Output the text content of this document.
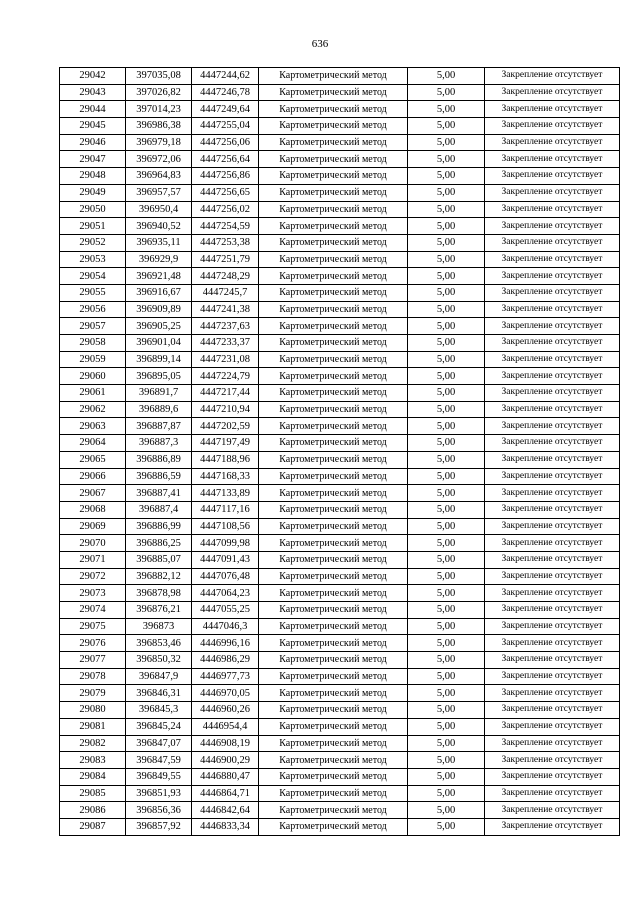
636
29042	397035,08	4447244,62	Картометрический метод	5,00	Закрепление отсутствует
29043	397026,82	4447246,78	Картометрический метод	5,00	Закрепление отсутствует
29044	397014,23	4447249,64	Картометрический метод	5,00	Закрепление отсутствует
29045	396986,38	4447255,04	Картометрический метод	5,00	Закрепление отсутствует
29046	396979,18	4447256,06	Картометрический метод	5,00	Закрепление отсутствует
29047	396972,06	4447256,64	Картометрический метод	5,00	Закрепление отсутствует
29048	396964,83	4447256,86	Картометрический метод	5,00	Закрепление отсутствует
29049	396957,57	4447256,65	Картометрический метод	5,00	Закрепление отсутствует
29050	396950,4	4447256,02	Картометрический метод	5,00	Закрепление отсутствует
29051	396940,52	4447254,59	Картометрический метод	5,00	Закрепление отсутствует
29052	396935,11	4447253,38	Картометрический метод	5,00	Закрепление отсутствует
29053	396929,9	4447251,79	Картометрический метод	5,00	Закрепление отсутствует
29054	396921,48	4447248,29	Картометрический метод	5,00	Закрепление отсутствует
29055	396916,67	4447245,7	Картометрический метод	5,00	Закрепление отсутствует
29056	396909,89	4447241,38	Картометрический метод	5,00	Закрепление отсутствует
29057	396905,25	4447237,63	Картометрический метод	5,00	Закрепление отсутствует
29058	396901,04	4447233,37	Картометрический метод	5,00	Закрепление отсутствует
29059	396899,14	4447231,08	Картометрический метод	5,00	Закрепление отсутствует
29060	396895,05	4447224,79	Картометрический метод	5,00	Закрепление отсутствует
29061	396891,7	4447217,44	Картометрический метод	5,00	Закрепление отсутствует
29062	396889,6	4447210,94	Картометрический метод	5,00	Закрепление отсутствует
29063	396887,87	4447202,59	Картометрический метод	5,00	Закрепление отсутствует
29064	396887,3	4447197,49	Картометрический метод	5,00	Закрепление отсутствует
29065	396886,89	4447188,96	Картометрический метод	5,00	Закрепление отсутствует
29066	396886,59	4447168,33	Картометрический метод	5,00	Закрепление отсутствует
29067	396887,41	4447133,89	Картометрический метод	5,00	Закрепление отсутствует
29068	396887,4	4447117,16	Картометрический метод	5,00	Закрепление отсутствует
29069	396886,99	4447108,56	Картометрический метод	5,00	Закрепление отсутствует
29070	396886,25	4447099,98	Картометрический метод	5,00	Закрепление отсутствует
29071	396885,07	4447091,43	Картометрический метод	5,00	Закрепление отсутствует
29072	396882,12	4447076,48	Картометрический метод	5,00	Закрепление отсутствует
29073	396878,98	4447064,23	Картометрический метод	5,00	Закрепление отсутствует
29074	396876,21	4447055,25	Картометрический метод	5,00	Закрепление отсутствует
29075	396873	4447046,3	Картометрический метод	5,00	Закрепление отсутствует
29076	396853,46	4446996,16	Картометрический метод	5,00	Закрепление отсутствует
29077	396850,32	4446986,29	Картометрический метод	5,00	Закрепление отсутствует
29078	396847,9	4446977,73	Картометрический метод	5,00	Закрепление отсутствует
29079	396846,31	4446970,05	Картометрический метод	5,00	Закрепление отсутствует
29080	396845,3	4446960,26	Картометрический метод	5,00	Закрепление отсутствует
29081	396845,24	4446954,4	Картометрический метод	5,00	Закрепление отсутствует
29082	396847,07	4446908,19	Картометрический метод	5,00	Закрепление отсутствует
29083	396847,59	4446900,29	Картометрический метод	5,00	Закрепление отсутствует
29084	396849,55	4446880,47	Картометрический метод	5,00	Закрепление отсутствует
29085	396851,93	4446864,71	Картометрический метод	5,00	Закрепление отсутствует
29086	396856,36	4446842,64	Картометрический метод	5,00	Закрепление отсутствует
29087	396857,92	4446833,34	Картометрический метод	5,00	Закрепление отсутствует
